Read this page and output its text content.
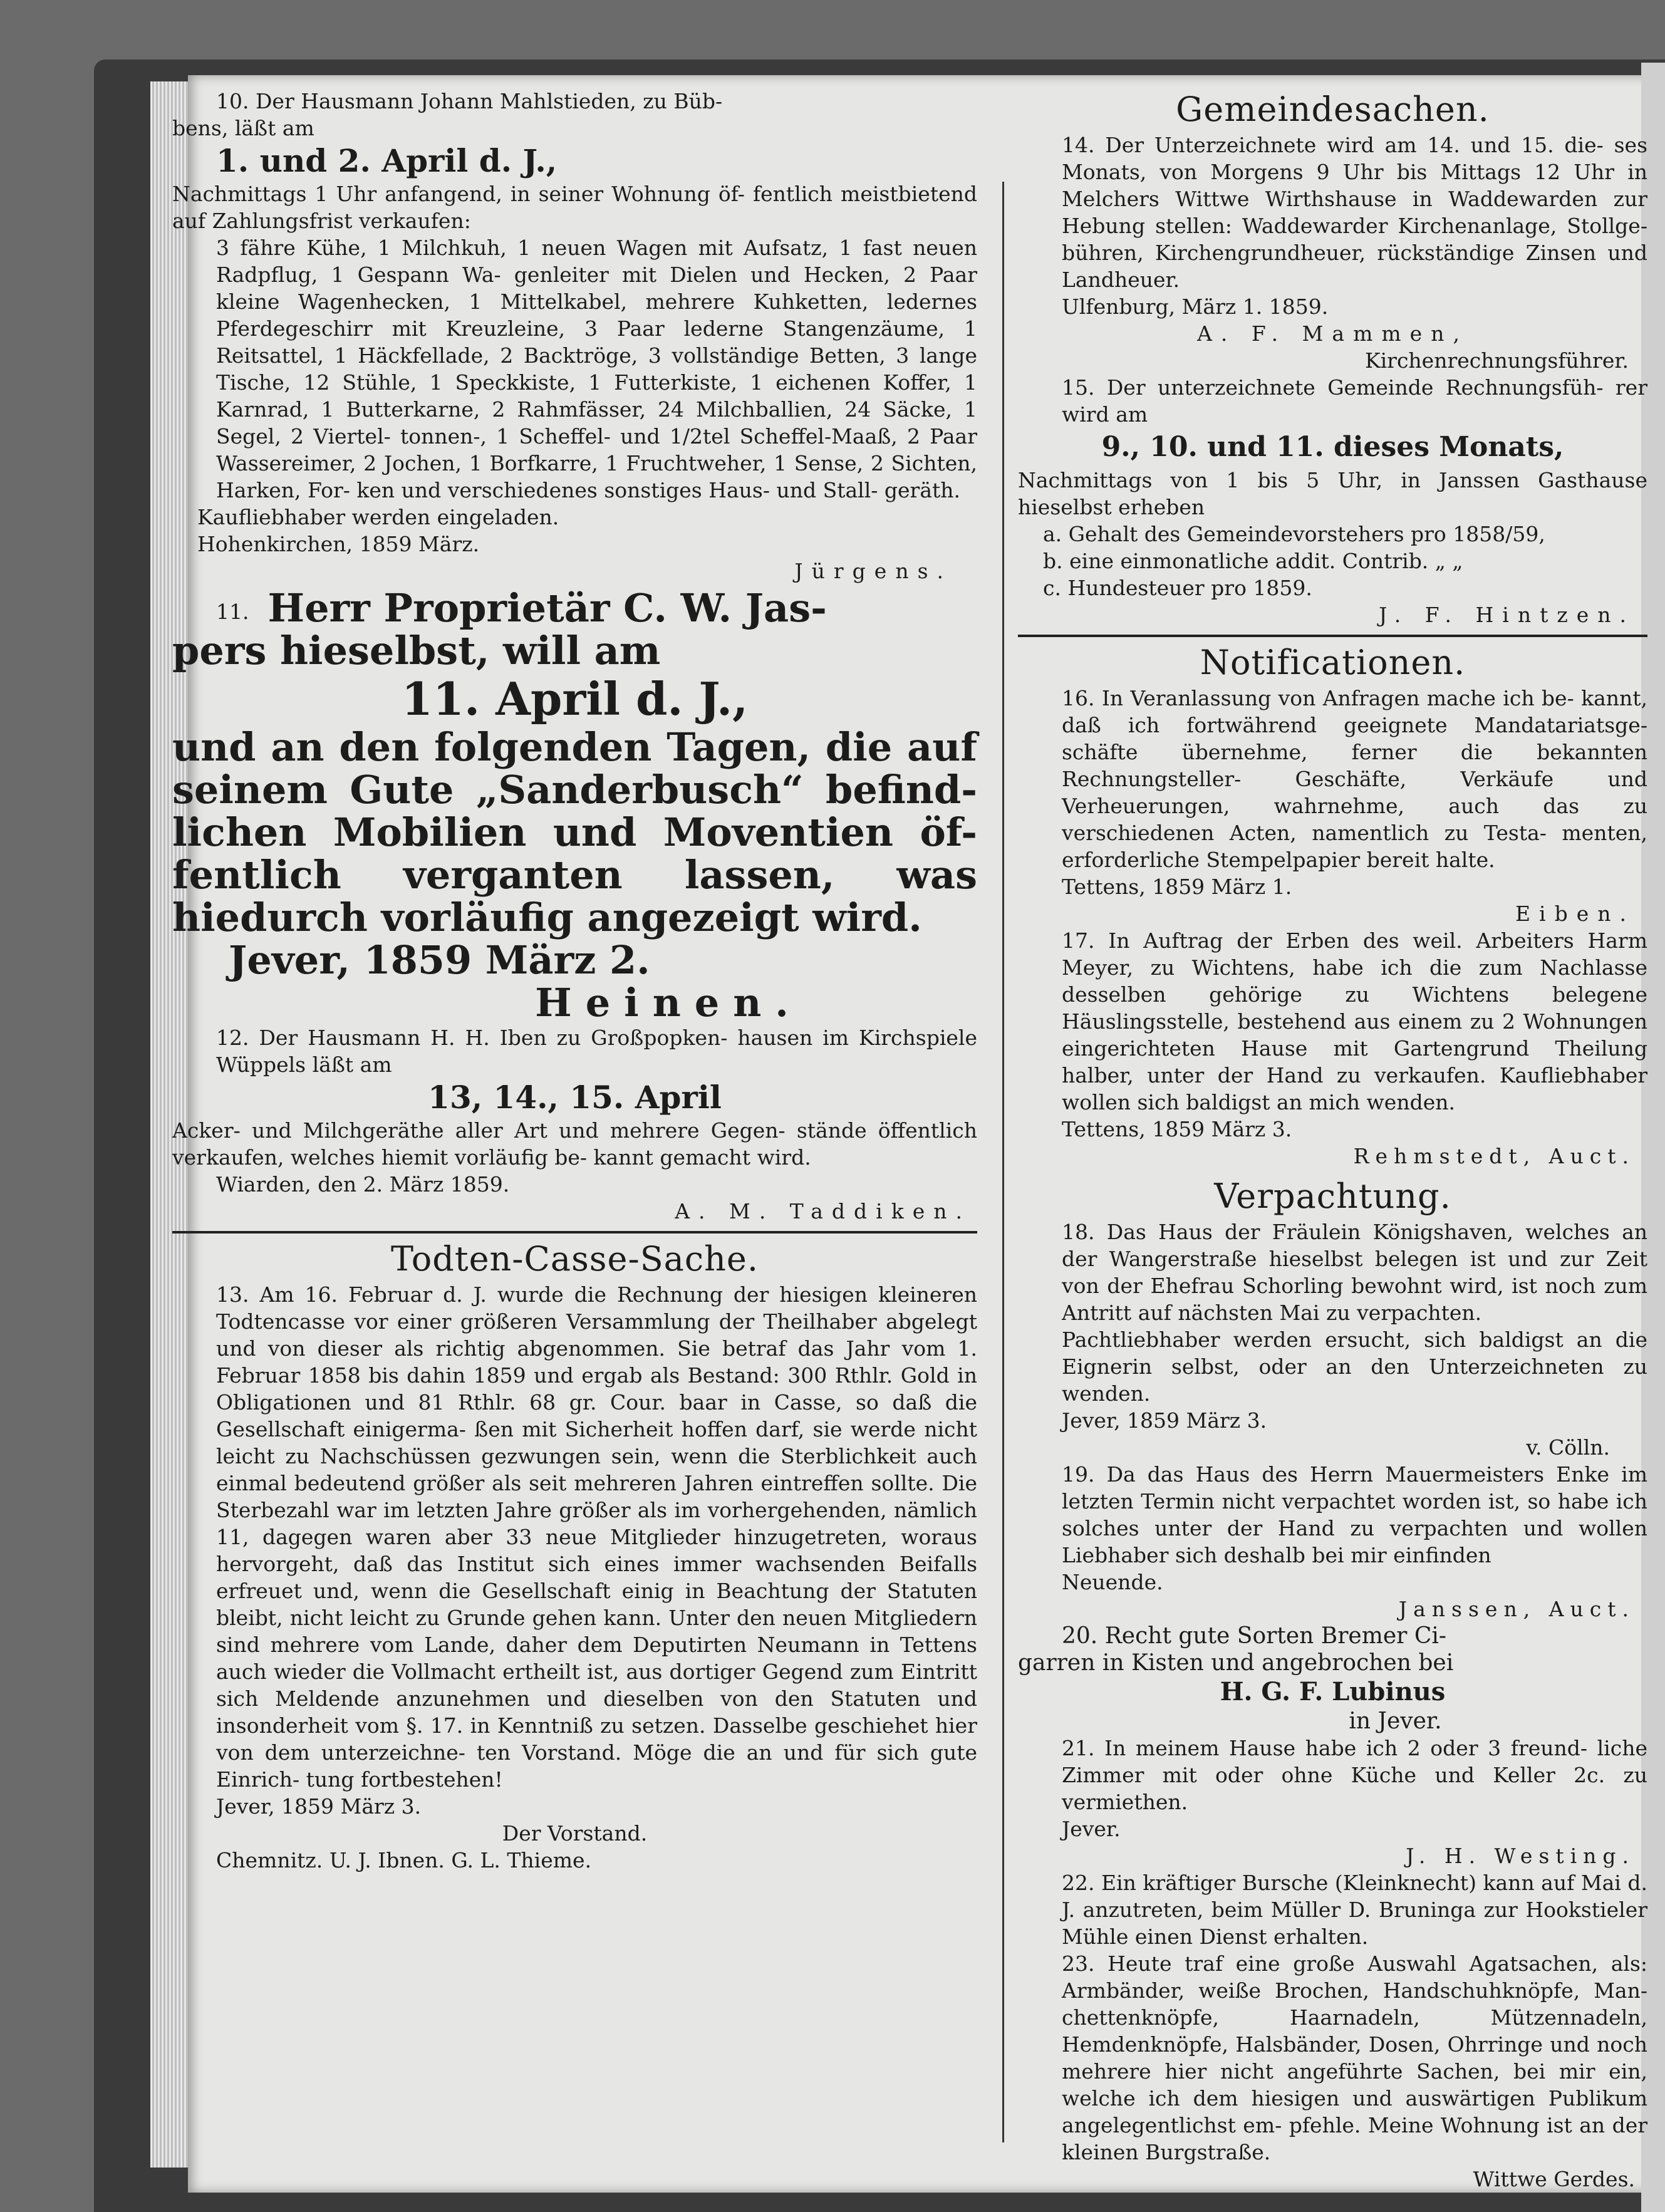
10. Der Hausmann Johann Mahlstieden, zu Büb-

bens, läßt am

1. und 2. April d. J.,

Nachmittags 1 Uhr anfangend, in seiner Wohnung öf- fentlich meistbietend auf Zahlungsfrist verkaufen:

3 fähre Kühe, 1 Milchkuh, 1 neuen Wagen mit Aufsatz, 1 fast neuen Radpflug, 1 Gespann Wa- genleiter mit Dielen und Hecken, 2 Paar kleine Wagenhecken, 1 Mittelkabel, mehrere Kuhketten, ledernes Pferdegeschirr mit Kreuzleine, 3 Paar lederne Stangenzäume, 1 Reitsattel, 1 Häckfellade, 2 Backtröge, 3 vollständige Betten, 3 lange Tische, 12 Stühle, 1 Speckkiste, 1 Futterkiste, 1 eichenen Koffer, 1 Karnrad, 1 Butterkarne, 2 Rahmfässer, 24 Milchballien, 24 Säcke, 1 Segel, 2 Viertel- tonnen-, 1 Scheffel- und 1/2tel Scheffel-Maaß, 2 Paar Wassereimer, 2 Jochen, 1 Borfkarre, 1 Fruchtweher, 1 Sense, 2 Sichten, Harken, For- ken und verschiedenes sonstiges Haus- und Stall- geräth.

Kaufliebhaber werden eingeladen.

Hohenkirchen, 1859 März.

Jürgens.

11. Herr Proprietär C. W. Jas-

pers hieselbst, will am

11. April d. J.,

und an den folgenden Tagen, die auf seinem Gute „Sanderbusch“ befind- lichen Mobilien und Moventien öf- fentlich verganten lassen, was hiedurch vorläufig angezeigt wird.

Jever, 1859 März 2.

Heinen.

12. Der Hausmann H. H. Iben zu Großpopken- hausen im Kirchspiele Wüppels läßt am

13, 14., 15. April

Acker- und Milchgeräthe aller Art und mehrere Gegen- stände öffentlich verkaufen, welches hiemit vorläufig be- kannt gemacht wird.

Wiarden, den 2. März 1859.

A. M. Taddiken.

Todten-Casse-Sache.

13. Am 16. Februar d. J. wurde die Rechnung der hiesigen kleineren Todtencasse vor einer größeren Versammlung der Theilhaber abgelegt und von dieser als richtig abgenommen. Sie betraf das Jahr vom 1. Februar 1858 bis dahin 1859 und ergab als Bestand: 300 Rthlr. Gold in Obligationen und 81 Rthlr. 68 gr. Cour. baar in Casse, so daß die Gesellschaft einigerma- ßen mit Sicherheit hoffen darf, sie werde nicht leicht zu Nachschüssen gezwungen sein, wenn die Sterblichkeit auch einmal bedeutend größer als seit mehreren Jahren eintreffen sollte. Die Sterbezahl war im letzten Jahre größer als im vorhergehenden, nämlich 11, dagegen waren aber 33 neue Mitglieder hinzugetreten, woraus hervorgeht, daß das Institut sich eines immer wachsenden Beifalls erfreuet und, wenn die Gesellschaft einig in Beachtung der Statuten bleibt, nicht leicht zu Grunde gehen kann. Unter den neuen Mitgliedern sind mehrere vom Lande, daher dem Deputirten Neumann in Tettens auch wieder die Vollmacht ertheilt ist, aus dortiger Gegend zum Eintritt sich Meldende anzunehmen und dieselben von den Statuten und insonderheit vom §. 17. in Kenntniß zu setzen. Dasselbe geschiehet hier von dem unterzeichne- ten Vorstand. Möge die an und für sich gute Einrich- tung fortbestehen!

Jever, 1859 März 3.

Der Vorstand.

Chemnitz. U. J. Ibnen. G. L. Thieme.

Gemeindesachen.

14. Der Unterzeichnete wird am 14. und 15. die- ses Monats, von Morgens 9 Uhr bis Mittags 12 Uhr in Melchers Wittwe Wirthshause in Waddewarden zur Hebung stellen: Waddewarder Kirchenanlage, Stollge- bühren, Kirchengrundheuer, rückständige Zinsen und Landheuer.

Ulfenburg, März 1. 1859.

A. F. Mammen,

Kirchenrechnungsführer.

15. Der unterzeichnete Gemeinde Rechnungsfüh- rer wird am

9., 10. und 11. dieses Monats,

Nachmittags von 1 bis 5 Uhr, in Janssen Gasthause hieselbst erheben

a. Gehalt des Gemeindevorstehers pro 1858/59,

b. eine einmonatliche addit. Contrib. „ „

c. Hundesteuer pro 1859.

J. F. Hintzen.

Notificationen.

16. In Veranlassung von Anfragen mache ich be- kannt, daß ich fortwährend geeignete Mandatariatsge- schäfte übernehme, ferner die bekannten Rechnungsteller- Geschäfte, Verkäufe und Verheuerungen, wahrnehme, auch das zu verschiedenen Acten, namentlich zu Testa- menten, erforderliche Stempelpapier bereit halte.

Tettens, 1859 März 1.

Eiben.

17. In Auftrag der Erben des weil. Arbeiters Harm Meyer, zu Wichtens, habe ich die zum Nachlasse desselben gehörige zu Wichtens belegene Häuslingsstelle, bestehend aus einem zu 2 Wohnungen eingerichteten Hause mit Gartengrund Theilung halber, unter der Hand zu verkaufen. Kaufliebhaber wollen sich baldigst an mich wenden.

Tettens, 1859 März 3.

Rehmstedt, Auct.

Verpachtung.

18. Das Haus der Fräulein Königshaven, welches an der Wangerstraße hieselbst belegen ist und zur Zeit von der Ehefrau Schorling bewohnt wird, ist noch zum Antritt auf nächsten Mai zu verpachten.

Pachtliebhaber werden ersucht, sich baldigst an die Eignerin selbst, oder an den Unterzeichneten zu wenden.

Jever, 1859 März 3.

v. Cölln.

19. Da das Haus des Herrn Mauermeisters Enke im letzten Termin nicht verpachtet worden ist, so habe ich solches unter der Hand zu verpachten und wollen Liebhaber sich deshalb bei mir einfinden

Neuende.

Janssen, Auct.

20. Recht gute Sorten Bremer Ci-

garren in Kisten und angebrochen bei

H. G. F. Lubinus

in Jever.

21. In meinem Hause habe ich 2 oder 3 freund- liche Zimmer mit oder ohne Küche und Keller 2c. zu vermiethen.

Jever.

J. H. Westing.

22. Ein kräftiger Bursche (Kleinknecht) kann auf Mai d. J. anzutreten, beim Müller D. Bruninga zur Hookstieler Mühle einen Dienst erhalten.

23. Heute traf eine große Auswahl Agatsachen, als: Armbänder, weiße Brochen, Handschuhknöpfe, Man- chettenknöpfe, Haarnadeln, Mützennadeln, Hemdenknöpfe, Halsbänder, Dosen, Ohrringe und noch mehrere hier nicht angeführte Sachen, bei mir ein, welche ich dem hiesigen und auswärtigen Publikum angelegentlichst em- pfehle. Meine Wohnung ist an der kleinen Burgstraße.

Wittwe Gerdes.
